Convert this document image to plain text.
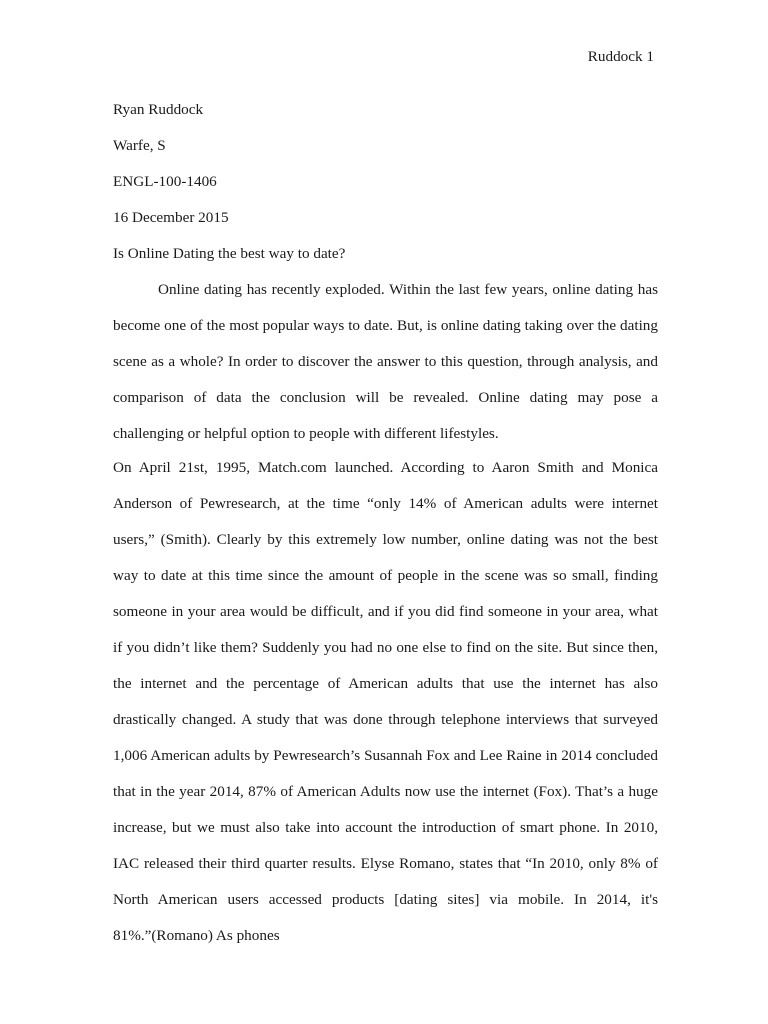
Ruddock 1
Ryan Ruddock
Warfe, S
ENGL-100-1406
16 December 2015
Is Online Dating the best way to date?

Online dating has recently exploded. Within the last few years, online dating has become one of the most popular ways to date. But, is online dating taking over the dating scene as a whole? In order to discover the answer to this question, through analysis, and comparison of data the conclusion will be revealed. Online dating may pose a challenging or helpful option to people with different lifestyles.

On April 21st, 1995, Match.com launched. According to Aaron Smith and Monica Anderson of Pewresearch, at the time “only 14% of American adults were internet users,” (Smith). Clearly by this extremely low number, online dating was not the best way to date at this time since the amount of people in the scene was so small, finding someone in your area would be difficult, and if you did find someone in your area, what if you didn’t like them? Suddenly you had no one else to find on the site. But since then, the internet and the percentage of American adults that use the internet has also drastically changed. A study that was done through telephone interviews that surveyed 1,006 American adults by Pewresearch’s Susannah Fox and Lee Raine in 2014 concluded that in the year 2014, 87% of American Adults now use the internet (Fox). That’s a huge increase, but we must also take into account the introduction of smart phone. In 2010, IAC released their third quarter results. Elyse Romano, states that “In 2010, only 8% of North American users accessed products [dating sites] via mobile. In 2014, it's 81%.”(Romano) As phones
